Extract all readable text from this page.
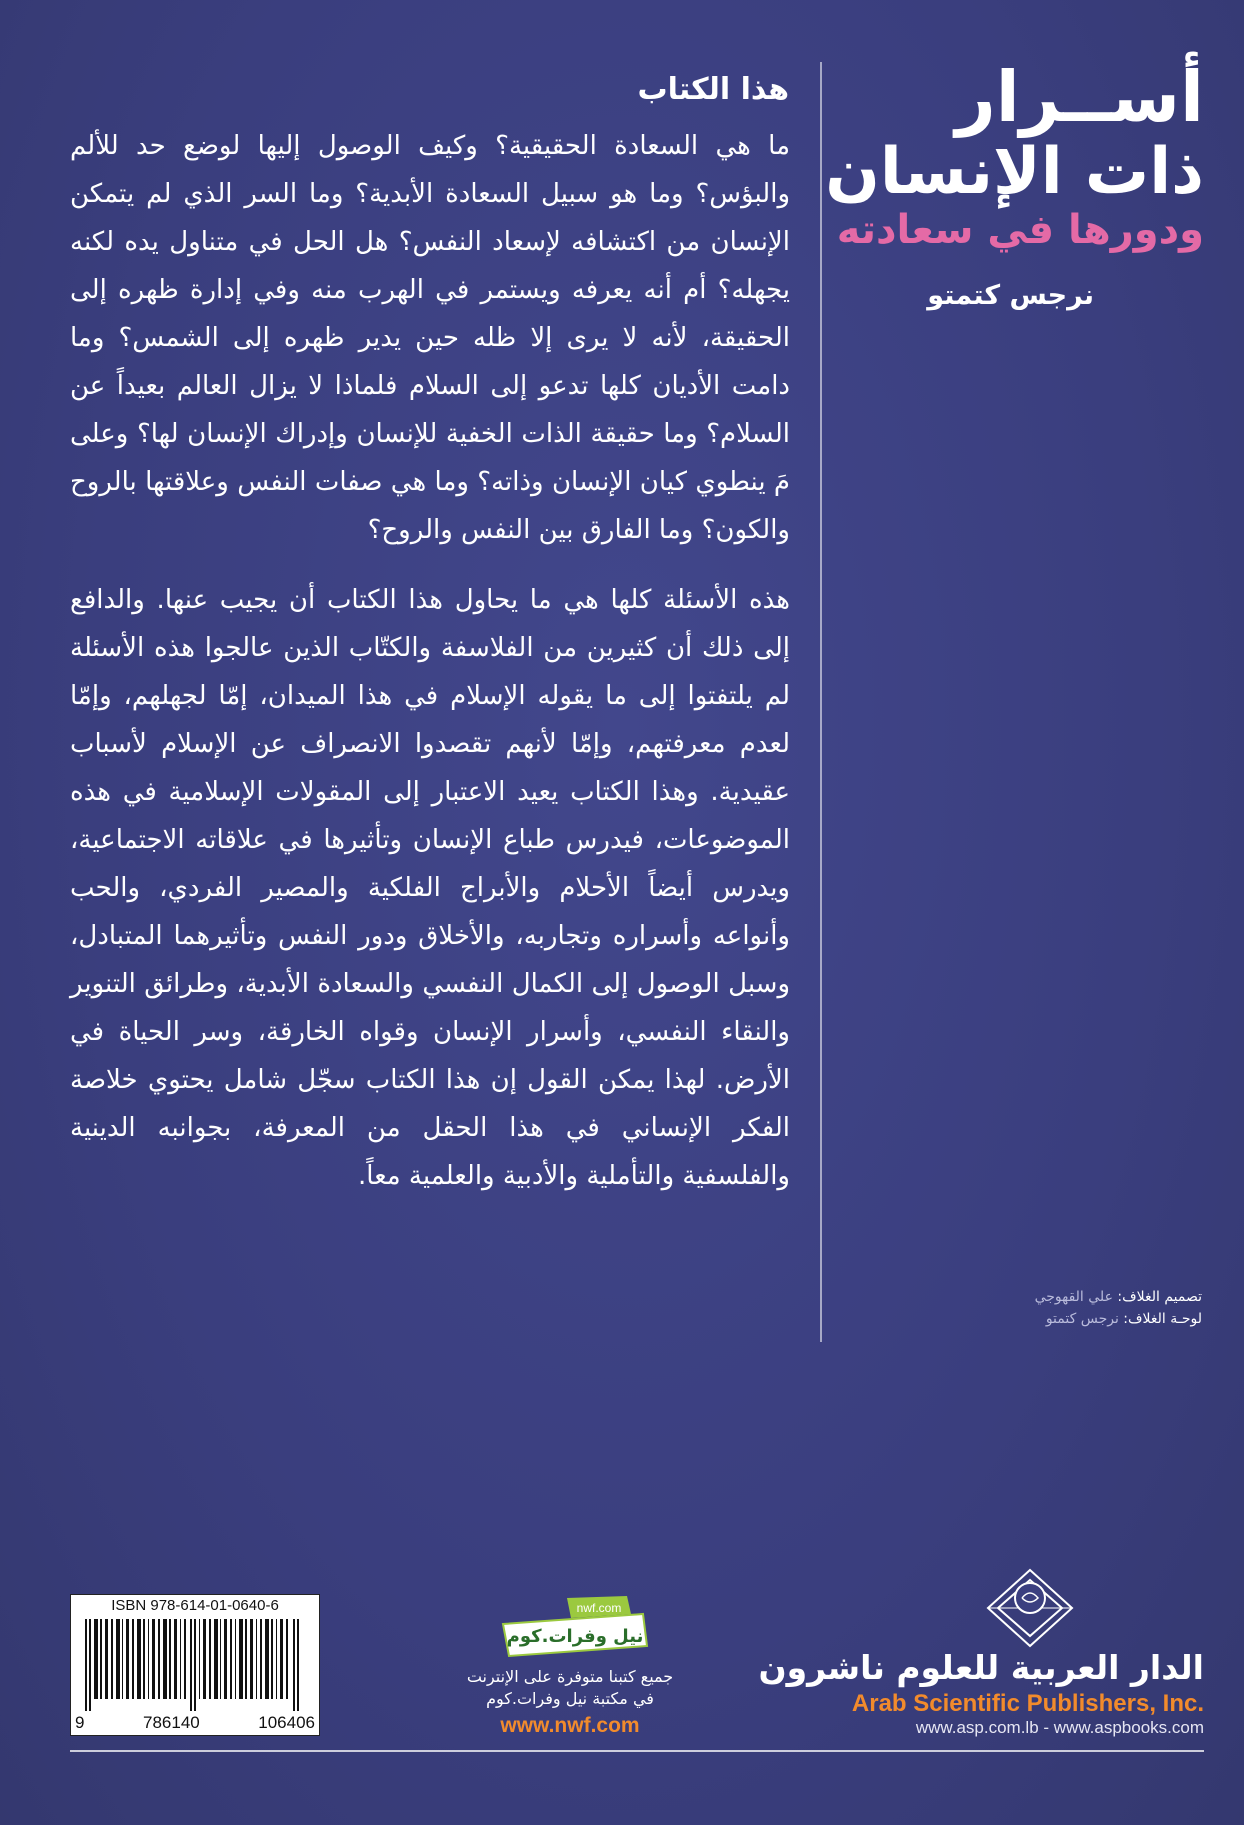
أســرار
ذات الإنسان
ودورها في سعادته
نرجس كتمتو
تصميم الغلاف: علي القهوجي
لوحـة الغلاف: نرجس كتمتو
هذا الكتاب

ما هي السعادة الحقيقية؟ وكيف الوصول إليها لوضع حد للألم والبؤس؟ وما هو سبيل السعادة الأبدية؟ وما السر الذي لم يتمكن الإنسان من اكتشافه لإسعاد النفس؟ هل الحل في متناول يده لكنه يجهله؟ أم أنه يعرفه ويستمر في الهرب منه وفي إدارة ظهره إلى الحقيقة، لأنه لا يرى إلا ظله حين يدير ظهره إلى الشمس؟ وما دامت الأديان كلها تدعو إلى السلام فلماذا لا يزال العالم بعيداً عن السلام؟ وما حقيقة الذات الخفية للإنسان وإدراك الإنسان لها؟ وعلى مَ ينطوي كيان الإنسان وذاته؟ وما هي صفات النفس وعلاقتها بالروح والكون؟ وما الفارق بين النفس والروح؟

هذه الأسئلة كلها هي ما يحاول هذا الكتاب أن يجيب عنها. والدافع إلى ذلك أن كثيرين من الفلاسفة والكتّاب الذين عالجوا هذه الأسئلة لم يلتفتوا إلى ما يقوله الإسلام في هذا الميدان، إمّا لجهلهم، وإمّا لعدم معرفتهم، وإمّا لأنهم تقصدوا الانصراف عن الإسلام لأسباب عقيدية. وهذا الكتاب يعيد الاعتبار إلى المقولات الإسلامية في هذه الموضوعات، فيدرس طباع الإنسان وتأثيرها في علاقاته الاجتماعية، ويدرس أيضاً الأحلام والأبراج الفلكية والمصير الفردي، والحب وأنواعه وأسراره وتجاربه، والأخلاق ودور النفس وتأثيرهما المتبادل، وسبل الوصول إلى الكمال النفسي والسعادة الأبدية، وطرائق التنوير والنقاء النفسي، وأسرار الإنسان وقواه الخارقة، وسر الحياة في الأرض. لهذا يمكن القول إن هذا الكتاب سجّل شامل يحتوي خلاصة الفكر الإنساني في هذا الحقل من المعرفة، بجوانبه الدينية والفلسفية والتأملية والأدبية والعلمية معاً.

ISBN 978-614-01-0640-6
9	786140	106406
nwf.com
نيل وفرات.كوم
جميع كتبنا متوفرة على الإنترنت
في مكتبة نيل وفرات.كوم
www.nwf.com
الدار العربية للعلوم ناشرون
Arab Scientific Publishers, Inc.
www.asp.com.lb - www.aspbooks.com
